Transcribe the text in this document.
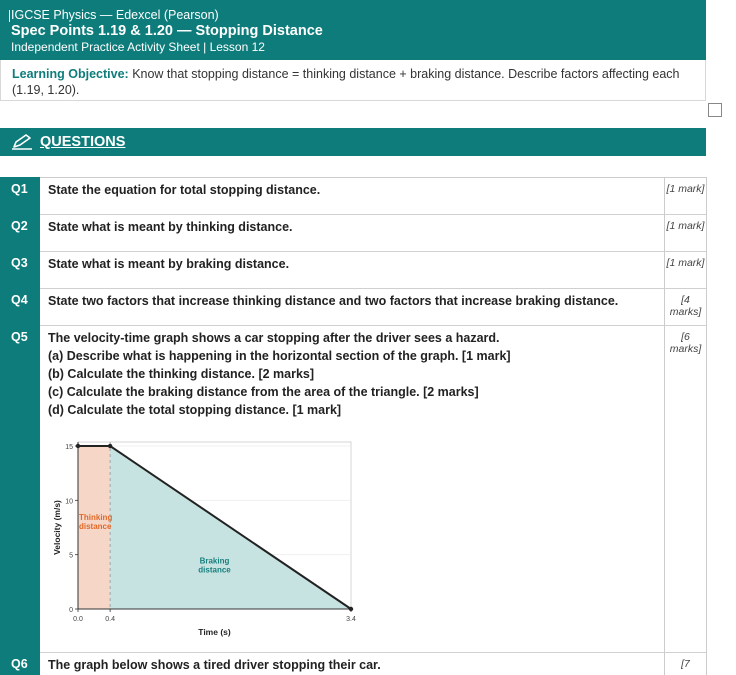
IGCSE Physics — Edexcel (Pearson)
Spec Points 1.19 & 1.20 — Stopping Distance
Independent Practice Activity Sheet | Lesson 12
Learning Objective: Know that stopping distance = thinking distance + braking distance. Describe factors affecting each (1.19, 1.20).
QUESTIONS
Q1 State the equation for total stopping distance.	[1 mark]
Q2 State what is meant by thinking distance.	[1 mark]
Q3 State what is meant by braking distance.	[1 mark]
Q4 State two factors that increase thinking distance and two factors that increase braking distance.	[4 marks]
Q5 The velocity-time graph shows a car stopping after the driver sees a hazard.
(a) Describe what is happening in the horizontal section of the graph. [1 mark]
(b) Calculate the thinking distance. [2 marks]
(c) Calculate the braking distance from the area of the triangle. [2 marks]
(d) Calculate the total stopping distance. [1 mark]
[6 marks]
Q6 The graph below shows a tired driver stopping their car.	[7
0
5
10
15
0.0	0.4	3.4
Time (s)
Velocity (m/s) Thinking distance
Braking distance
